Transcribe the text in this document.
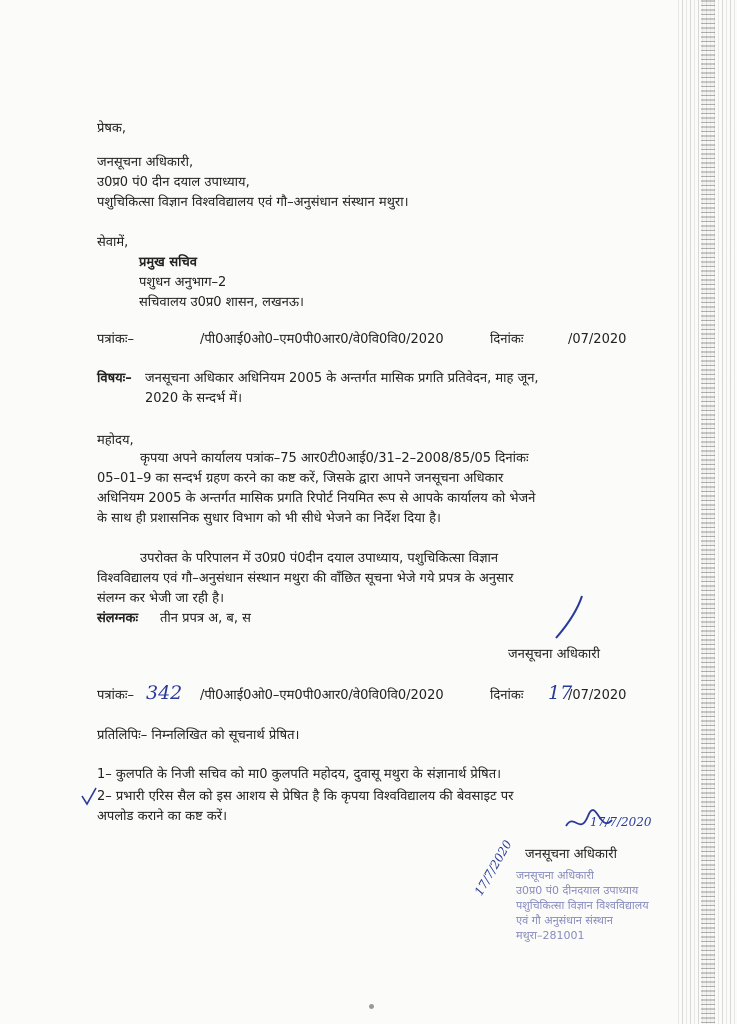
प्रेषक,
जनसूचना अधिकारी,
उ0प्र0 पं0 दीन दयाल उपाध्याय,
पशुचिकित्सा विज्ञान विश्वविद्यालय एवं गौ–अनुसंधान संस्थान मथुरा।
सेवामें,
प्रमुख सचिव
पशुधन अनुभाग–2
सचिवालय उ0प्र0 शासन, लखनऊ।
पत्रांकः–	/पी0आई0ओ0–एम0पी0आर0/वे0वि0वि0/2020	दिनांकः	/07/2020
विषयः– जनसूचना अधिकार अधिनियम 2005 के अन्तर्गत मासिक प्रगति प्रतिवेदन, माह जून,
2020 के सन्दर्भ में।
महोदय,
कृपया अपने कार्यालय पत्रांक–75 आर0टी0आई0/31–2–2008/85/05 दिनांकः
05–01–9 का सन्दर्भ ग्रहण करने का कष्ट करें, जिसके द्वारा आपने जनसूचना अधिकार
अधिनियम 2005 के अन्तर्गत मासिक प्रगति रिपोर्ट नियमित रूप से आपके कार्यालय को भेजने
के साथ ही प्रशासनिक सुधार विभाग को भी सीधे भेजने का निर्देश दिया है।
उपरोक्त के परिपालन में उ0प्र0 पं0दीन दयाल उपाध्याय, पशुचिकित्सा विज्ञान
विश्वविद्यालय एवं गौ–अनुसंधान संस्थान मथुरा की वाँछित सूचना भेजे गये प्रपत्र के अनुसार
संलग्न कर भेजी जा रही है।
संलग्नकः तीन प्रपत्र अ, ब, स
जनसूचना अधिकारी
पत्रांकः– 342 /पी0आई0ओ0–एम0पी0आर0/वे0वि0वि0/2020	दिनांकः 17
/07/2020
प्रतिलिपिः– निम्नलिखित को सूचनार्थ प्रेषित।
1– कुलपति के निजी सचिव को मा0 कुलपति महोदय, दुवासू मथुरा के संज्ञानार्थ प्रेषित।
2– प्रभारी एरिस सैल को इस आशय से प्रेषित है कि कृपया विश्वविद्यालय की बेवसाइट पर
अपलोड कराने का कष्ट करें।	17/7/2020
जनसूचना अधिकारी
जनसूचना अधिकारी
उ0प्र0 पं0 दीनदयाल उपाध्याय
पशुचिकित्सा विज्ञान विश्वविद्यालय
एवं गौ अनुसंधान संस्थान
मथुरा–281001
17/7/2020
